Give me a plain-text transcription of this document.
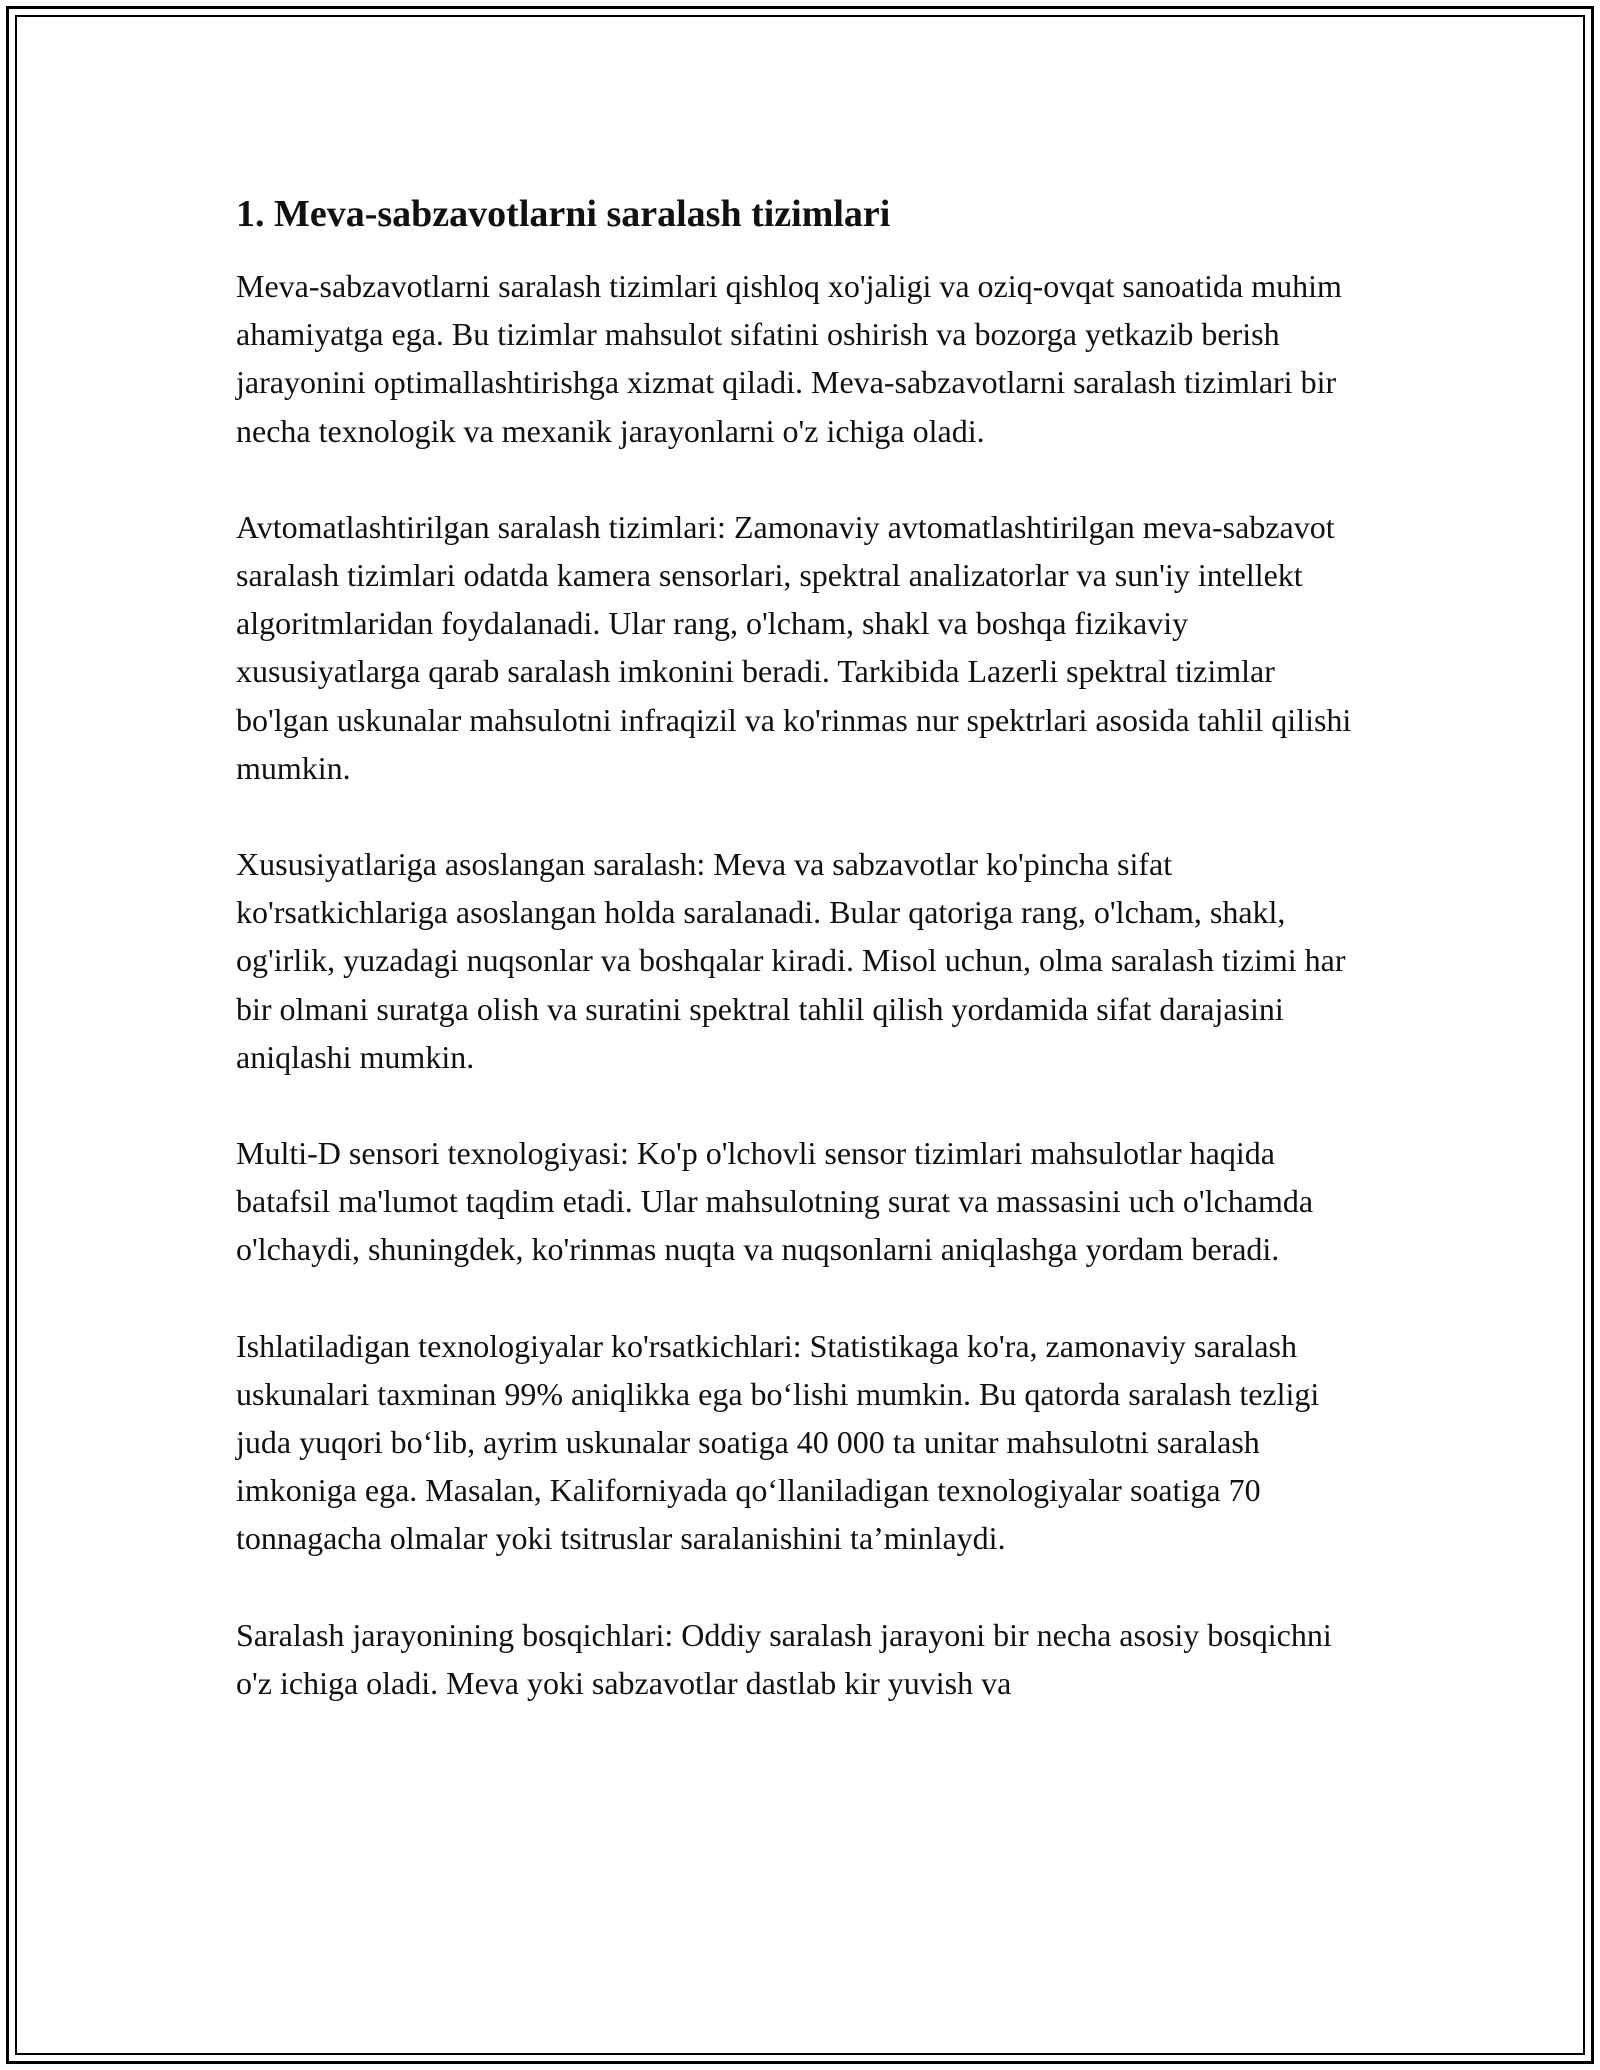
1. Meva-sabzavotlarni saralash tizimlari

Meva-sabzavotlarni saralash tizimlari qishloq xo'jaligi va oziq-ovqat sanoatida muhim ahamiyatga ega. Bu tizimlar mahsulot sifatini oshirish va bozorga yetkazib berish jarayonini optimallashtirishga xizmat qiladi. Meva-sabzavotlarni saralash tizimlari bir necha texnologik va mexanik jarayonlarni o'z ichiga oladi.

Avtomatlashtirilgan saralash tizimlari: Zamonaviy avtomatlashtirilgan meva-sabzavot saralash tizimlari odatda kamera sensorlari, spektral analizatorlar va sun'iy intellekt algoritmlaridan foydalanadi. Ular rang, o'lcham, shakl va boshqa fizikaviy xususiyatlarga qarab saralash imkonini beradi. Tarkibida Lazerli spektral tizimlar bo'lgan uskunalar mahsulotni infraqizil va ko'rinmas nur spektrlari asosida tahlil qilishi mumkin.

Xususiyatlariga asoslangan saralash: Meva va sabzavotlar ko'pincha sifat ko'rsatkichlariga asoslangan holda saralanadi. Bular qatoriga rang, o'lcham, shakl, og'irlik, yuzadagi nuqsonlar va boshqalar kiradi. Misol uchun, olma saralash tizimi har bir olmani suratga olish va suratini spektral tahlil qilish yordamida sifat darajasini aniqlashi mumkin.

Multi-D sensori texnologiyasi: Ko'p o'lchovli sensor tizimlari mahsulotlar haqida batafsil ma'lumot taqdim etadi. Ular mahsulotning surat va massasini uch o'lchamda o'lchaydi, shuningdek, ko'rinmas nuqta va nuqsonlarni aniqlashga yordam beradi.

Ishlatiladigan texnologiyalar ko'rsatkichlari: Statistikaga ko'ra, zamonaviy saralash uskunalari taxminan 99% aniqlikka ega bo‘lishi mumkin. Bu qatorda saralash tezligi juda yuqori bo‘lib, ayrim uskunalar soatiga 40 000 ta unitar mahsulotni saralash imkoniga ega. Masalan, Kaliforniyada qo‘llaniladigan texnologiyalar soatiga 70 tonnagacha olmalar yoki tsitruslar saralanishini ta’minlaydi.

Saralash jarayonining bosqichlari: Oddiy saralash jarayoni bir necha asosiy bosqichni o'z ichiga oladi. Meva yoki sabzavotlar dastlab kir yuvish va
